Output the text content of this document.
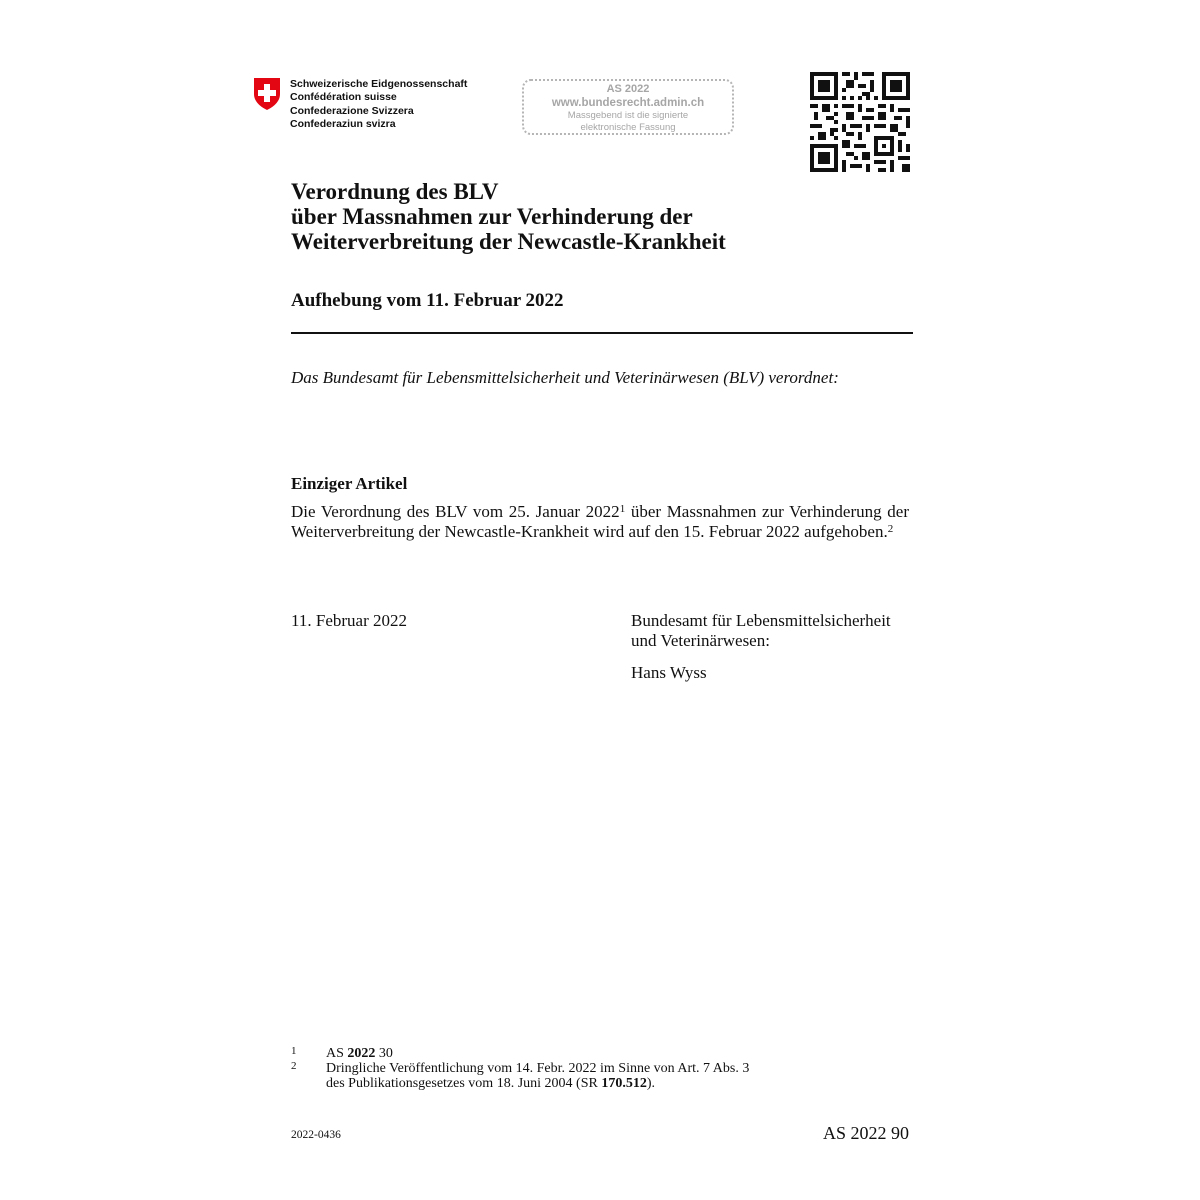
Schweizerische Eidgenossenschaft
Confédération suisse
Confederazione Svizzera
Confederaziun svizra
AS 2022
www.bundesrecht.admin.ch
Massgebend ist die signierte
elektronische Fassung
Verordnung des BLV
über Massnahmen zur Verhinderung der
Weiterverbreitung der Newcastle-Krankheit
Aufhebung vom 11. Februar 2022
Das Bundesamt für Lebensmittelsicherheit und Veterinärwesen (BLV) verordnet:
Einziger Artikel
Die Verordnung des BLV vom 25. Januar 2022$^1$ über Massnahmen zur Verhinderung der Weiterverbreitung der Newcastle-Krankheit wird auf den 15. Februar 2022 aufgehoben.$^2$
11. Februar 2022	Bundesamt für Lebensmittelsicherheit
und Veterinärwesen:
Hans Wyss
1 AS 2022 30
2 Dringliche Veröffentlichung vom 14. Febr. 2022 im Sinne von Art. 7 Abs. 3
des Publikationsgesetzes vom 18. Juni 2004 (SR 170.512).
2022-0436	AS 2022 90
